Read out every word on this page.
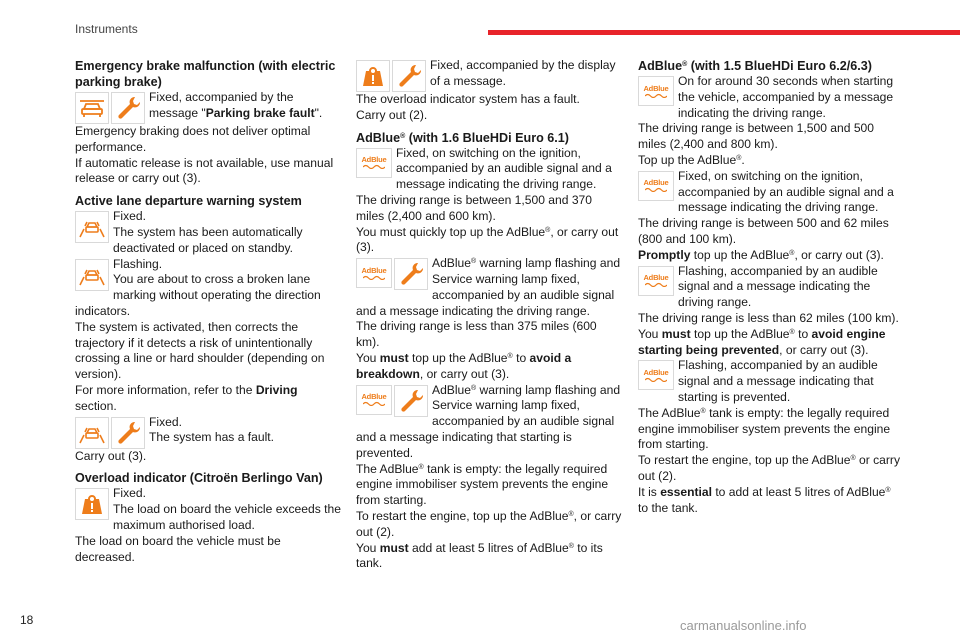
Instruments
18	carmanualsonline.info
Emergency brake malfunction (with electric parking brake)

Fixed, accompanied by the message "Parking brake fault".

Emergency braking does not deliver optimal performance.

If automatic release is not available, use manual release or carry out (3).

Active lane departure warning system

Fixed.

The system has been automatically deactivated or placed on standby.

Flashing.

You are about to cross a broken lane marking without operating the direction indicators.

The system is activated, then corrects the trajectory if it detects a risk of unintentionally crossing a line or hard shoulder (depending on version).

For more information, refer to the Driving section.

Fixed.

The system has a fault.

Carry out (3).

Overload indicator (Citroën Berlingo Van)

Fixed.

The load on board the vehicle exceeds the maximum authorised load.

The load on board the vehicle must be decreased.

Fixed, accompanied by the display of a message.

The overload indicator system has a fault.

Carry out (2).

AdBlue® (with 1.6 BlueHDi Euro 6.1)
AdBlue Fixed, on switching on the ignition, accompanied by an audible signal and a message indicating the driving range.

The driving range is between 1,500 and 370 miles (2,400 and 600 km).

You must quickly top up the AdBlue®, or carry out (3).

AdBlue	AdBlue® warning lamp flashing and Service warning lamp fixed, accompanied by an audible signal and a message indicating the driving range.

The driving range is less than 375 miles (600 km).

You must top up the AdBlue® to avoid a breakdown, or carry out (3).

AdBlue	AdBlue® warning lamp flashing and Service warning lamp fixed, accompanied by an audible signal and a message indicating that starting is prevented.

The AdBlue® tank is empty: the legally required engine immobiliser system prevents the engine from starting.

To restart the engine, top up the AdBlue®, or carry out (2).

You must add at least 5 litres of AdBlue® to its tank.

AdBlue® (with 1.5 BlueHDi Euro 6.2/6.3)
AdBlue On for around 30 seconds when starting the vehicle, accompanied by a message indicating the driving range.

The driving range is between 1,500 and 500 miles (2,400 and 800 km).

Top up the AdBlue®.

AdBlue Fixed, on switching on the ignition, accompanied by an audible signal and a message indicating the driving range.

The driving range is between 500 and 62 miles (800 and 100 km).

Promptly top up the AdBlue®, or carry out (3).

AdBlue Flashing, accompanied by an audible signal and a message indicating the driving range.

The driving range is less than 62 miles (100 km).

You must top up the AdBlue® to avoid engine starting being prevented, or carry out (3).

AdBlue Flashing, accompanied by an audible signal and a message indicating that starting is prevented.

The AdBlue® tank is empty: the legally required engine immobiliser system prevents the engine from starting.

To restart the engine, top up the AdBlue® or carry out (2).

It is essential to add at least 5 litres of AdBlue® to the tank.
